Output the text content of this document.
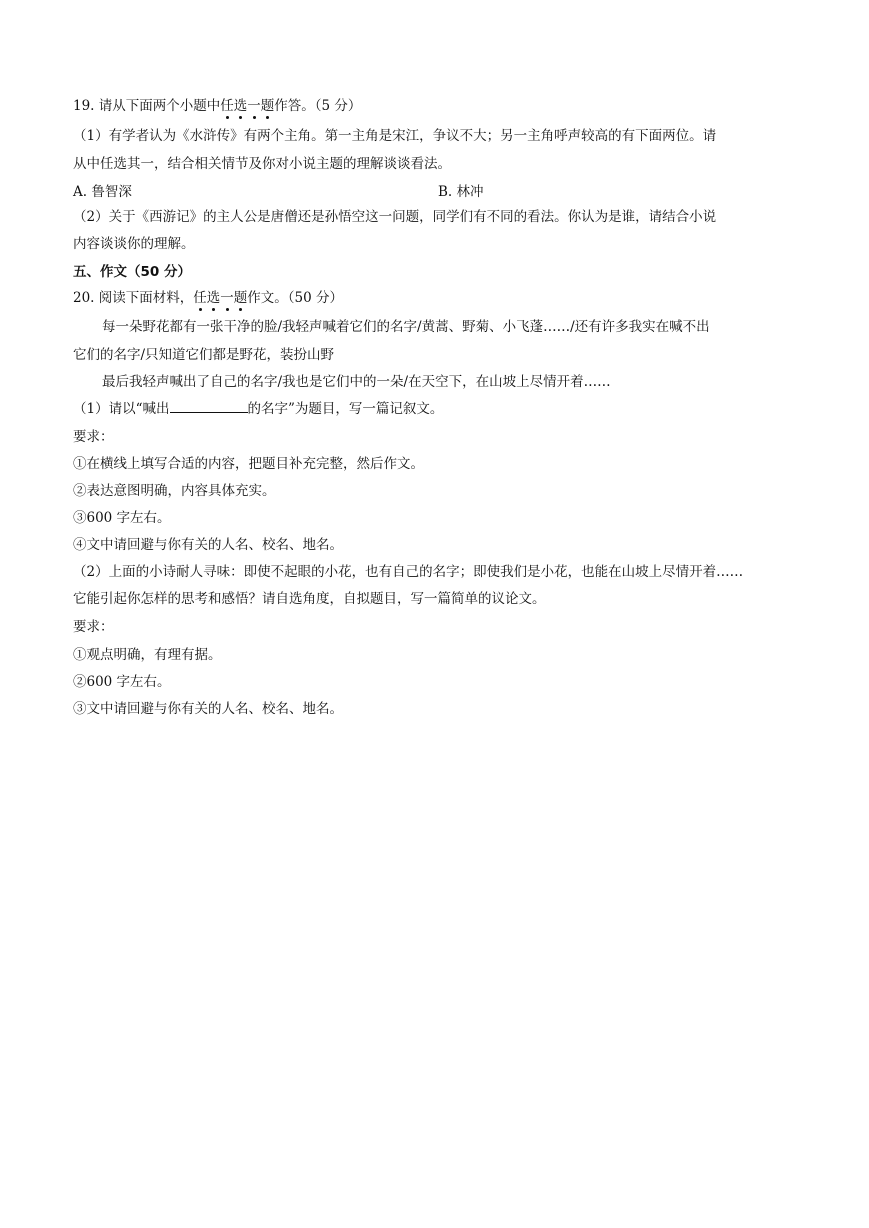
19. 请从下面两个小题中任选一题作答。（5 分）
（1）有学者认为《水浒传》有两个主角。第一主角是宋江，争议不大；另一主角呼声较高的有下面两位。请
从中任选其一，结合相关情节及你对小说主题的理解谈谈看法。
A. 鲁智深	B. 林冲
（2）关于《西游记》的主人公是唐僧还是孙悟空这一问题，同学们有不同的看法。你认为是谁，请结合小说
内容谈谈你的理解。
五、作文（50 分）
20. 阅读下面材料，任选一题作文。（50 分）
每一朵野花都有一张干净的脸/我轻声喊着它们的名字/黄蒿、野菊、小飞蓬……/还有许多我实在喊不出
它们的名字/只知道它们都是野花，装扮山野
最后我轻声喊出了自己的名字/我也是它们中的一朵/在天空下，在山坡上尽情开着……
（1）请以“喊出	的名字”为题目，写一篇记叙文。
要求：
①在横线上填写合适的内容，把题目补充完整，然后作文。
②表达意图明确，内容具体充实。
③600 字左右。
④文中请回避与你有关的人名、校名、地名。
（2）上面的小诗耐人寻味：即使不起眼的小花，也有自己的名字；即使我们是小花，也能在山坡上尽情开着……
它能引起你怎样的思考和感悟？请自选角度，自拟题目，写一篇简单的议论文。
要求：
①观点明确，有理有据。
②600 字左右。
③文中请回避与你有关的人名、校名、地名。
